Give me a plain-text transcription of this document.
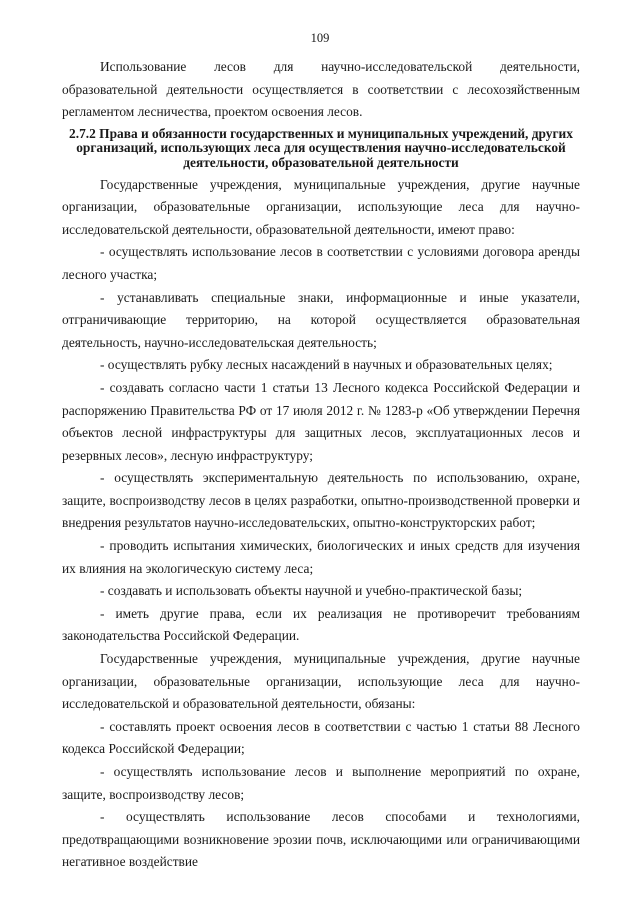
109

Использование лесов для научно-исследовательской деятельности, образовательной деятельности осуществляется в соответствии с лесохозяйственным регламентом лесничества, проектом освоения лесов.

2.7.2 Права и обязанности государственных и муниципальных учреждений, других организаций, использующих леса для осуществления научно-исследовательской деятельности, образовательной деятельности

Государственные учреждения, муниципальные учреждения, другие научные организации, образовательные организации, использующие леса для научно-исследовательской деятельности, образовательной деятельности, имеют право:

- осуществлять использование лесов в соответствии с условиями договора аренды лесного участка;

- устанавливать специальные знаки, информационные и иные указатели, отграничивающие территорию, на которой осуществляется образовательная деятельность, научно-исследовательская деятельность;

- осуществлять рубку лесных насаждений в научных и образовательных целях;

- создавать согласно части 1 статьи 13 Лесного кодекса Российской Федерации и распоряжению Правительства РФ от 17 июля 2012 г. № 1283-р «Об утверждении Перечня объектов лесной инфраструктуры для защитных лесов, эксплуатационных лесов и резервных лесов», лесную инфраструктуру;

- осуществлять экспериментальную деятельность по использованию, охране, защите, воспроизводству лесов в целях разработки, опытно-производственной проверки и внедрения результатов научно-исследовательских, опытно-конструкторских работ;

- проводить испытания химических, биологических и иных средств для изучения их влияния на экологическую систему леса;

- создавать и использовать объекты научной и учебно-практической базы;

- иметь другие права, если их реализация не противоречит требованиям законодательства Российской Федерации.

Государственные учреждения, муниципальные учреждения, другие научные организации, образовательные организации, использующие леса для научно-исследовательской и образовательной деятельности, обязаны:

- составлять проект освоения лесов в соответствии с частью 1 статьи 88 Лесного кодекса Российской Федерации;

- осуществлять использование лесов и выполнение мероприятий по охране, защите, воспроизводству лесов;

- осуществлять использование лесов способами и технологиями, предотвращающими возникновение эрозии почв, исключающими или ограничивающими негативное воздействие
